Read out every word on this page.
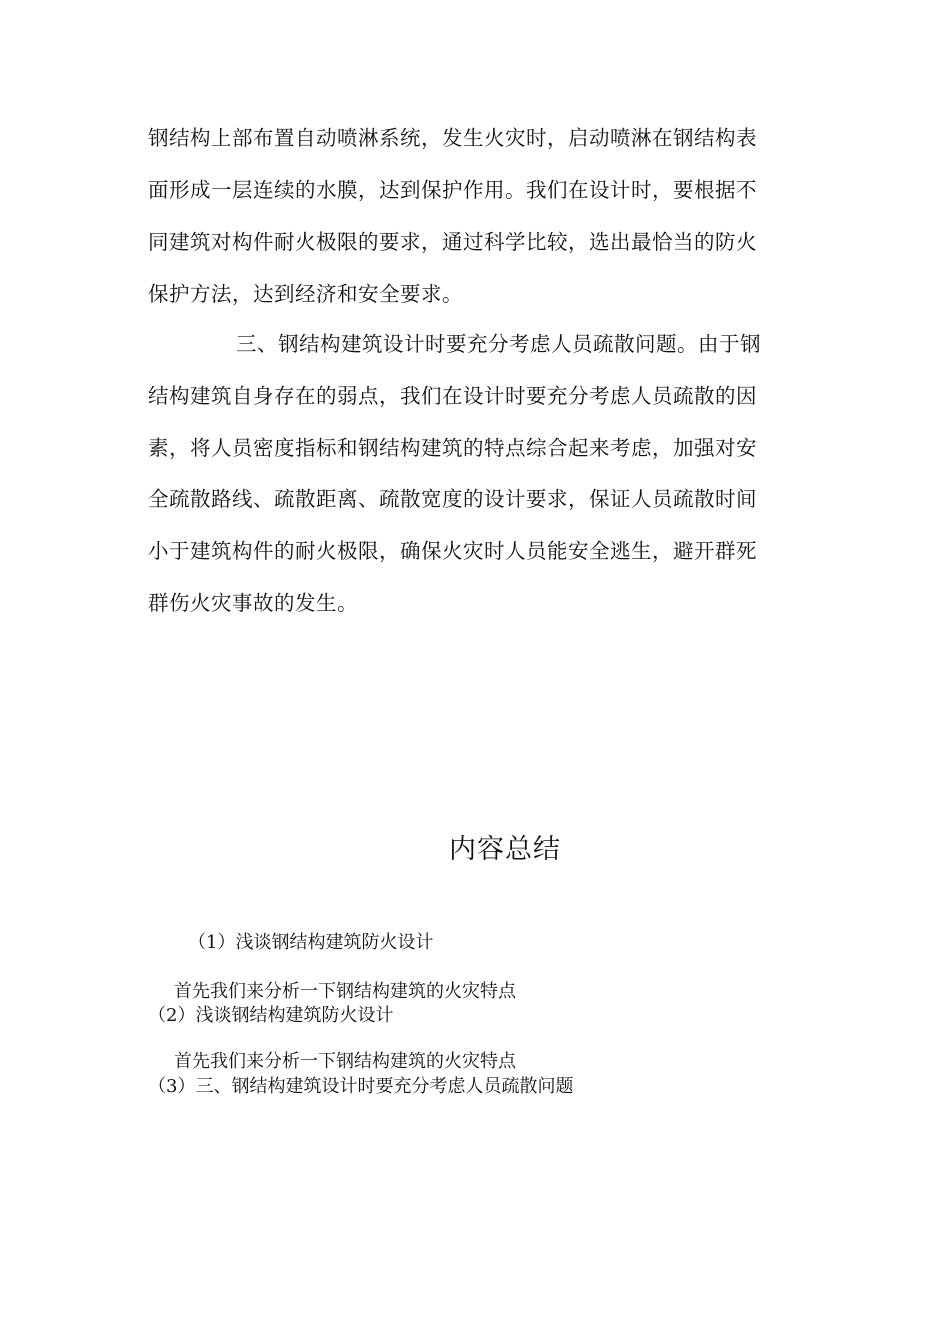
钢结构上部布置自动喷淋系统，发生火灾时，启动喷淋在钢结构表
面形成一层连续的水膜，达到保护作用。我们在设计时，要根据不
同建筑对构件耐火极限的要求，通过科学比较，选出最恰当的防火
保护方法，达到经济和安全要求。
三、钢结构建筑设计时要充分考虑人员疏散问题。由于钢
结构建筑自身存在的弱点，我们在设计时要充分考虑人员疏散的因
素，将人员密度指标和钢结构建筑的特点综合起来考虑，加强对安
全疏散路线、疏散距离、疏散宽度的设计要求，保证人员疏散时间
小于建筑构件的耐火极限，确保火灾时人员能安全逃生，避开群死
群伤火灾事故的发生。
内容总结
（1）浅谈钢结构建筑防火设计
首先我们来分析一下钢结构建筑的火灾特点
（2）浅谈钢结构建筑防火设计
首先我们来分析一下钢结构建筑的火灾特点
（3）三、钢结构建筑设计时要充分考虑人员疏散问题
